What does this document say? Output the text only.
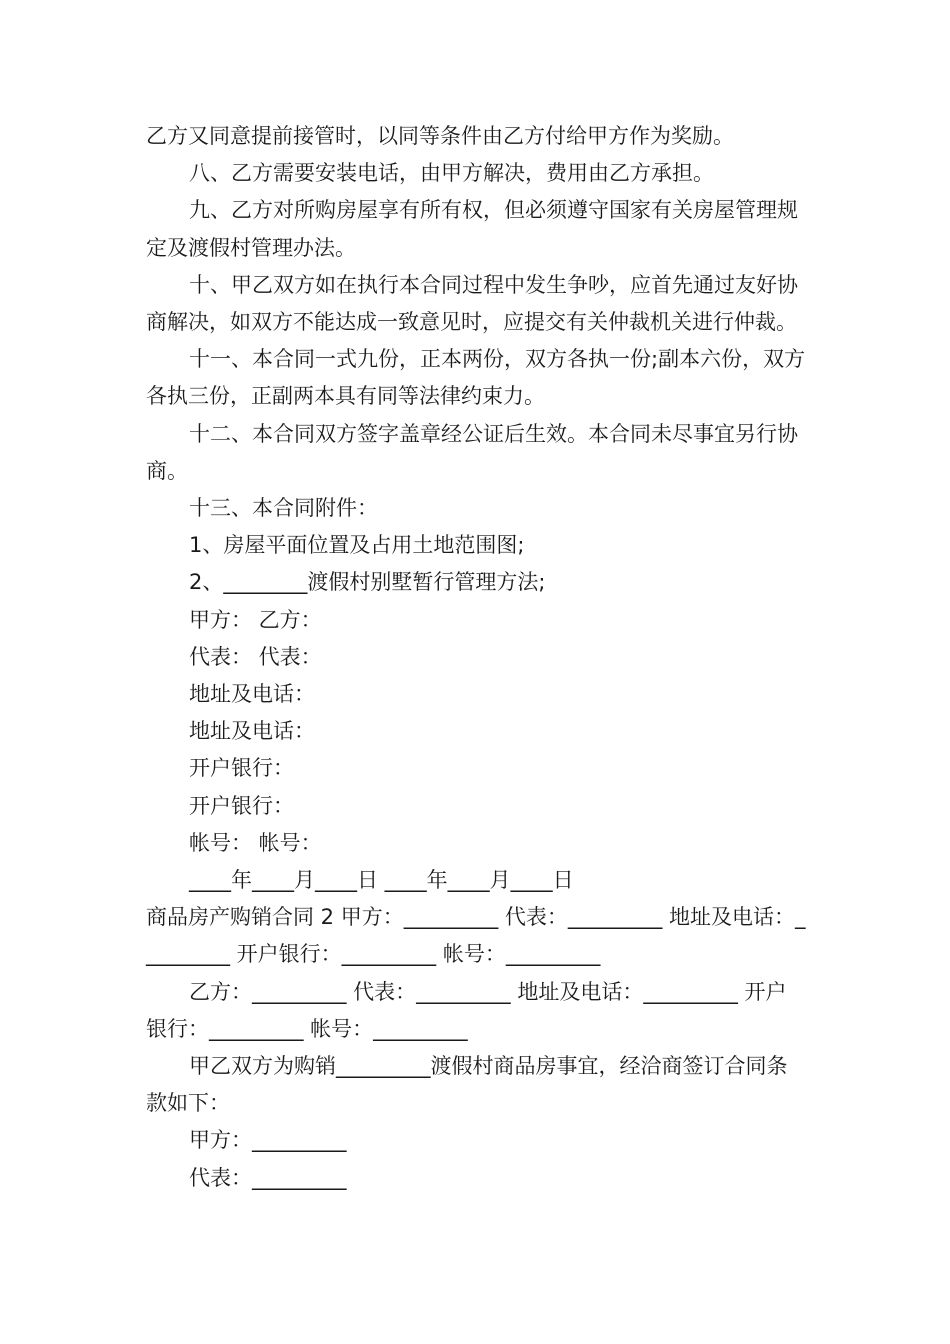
乙方又同意提前接管时，以同等条件由乙方付给甲方作为奖励。

八、乙方需要安装电话，由甲方解决，费用由乙方承担。

九、乙方对所购房屋享有所有权，但必须遵守国家有关房屋管理规定及渡假村管理办法。

十、甲乙双方如在执行本合同过程中发生争吵，应首先通过友好协商解决，如双方不能达成一致意见时，应提交有关仲裁机关进行仲裁。

十一、本合同一式九份，正本两份，双方各执一份;副本六份，双方各执三份，正副两本具有同等法律约束力。

十二、本合同双方签字盖章经公证后生效。本合同未尽事宜另行协商。

十三、本合同附件：

1、房屋平面位置及占用土地范围图;

2、________渡假村别墅暂行管理方法;

甲方： 乙方：

代表： 代表：

地址及电话：

地址及电话：

开户银行：

开户银行：

帐号： 帐号：

____年____月____日 ____年____月____日

商品房产购销合同 2 甲方：_________ 代表：_________ 地址及电话：_________ 开户银行：_________ 帐号：_________

乙方：_________ 代表：_________ 地址及电话：_________ 开户银行：_________ 帐号：_________

甲乙双方为购销_________渡假村商品房事宜，经洽商签订合同条款如下：

甲方：_________

代表：_________
